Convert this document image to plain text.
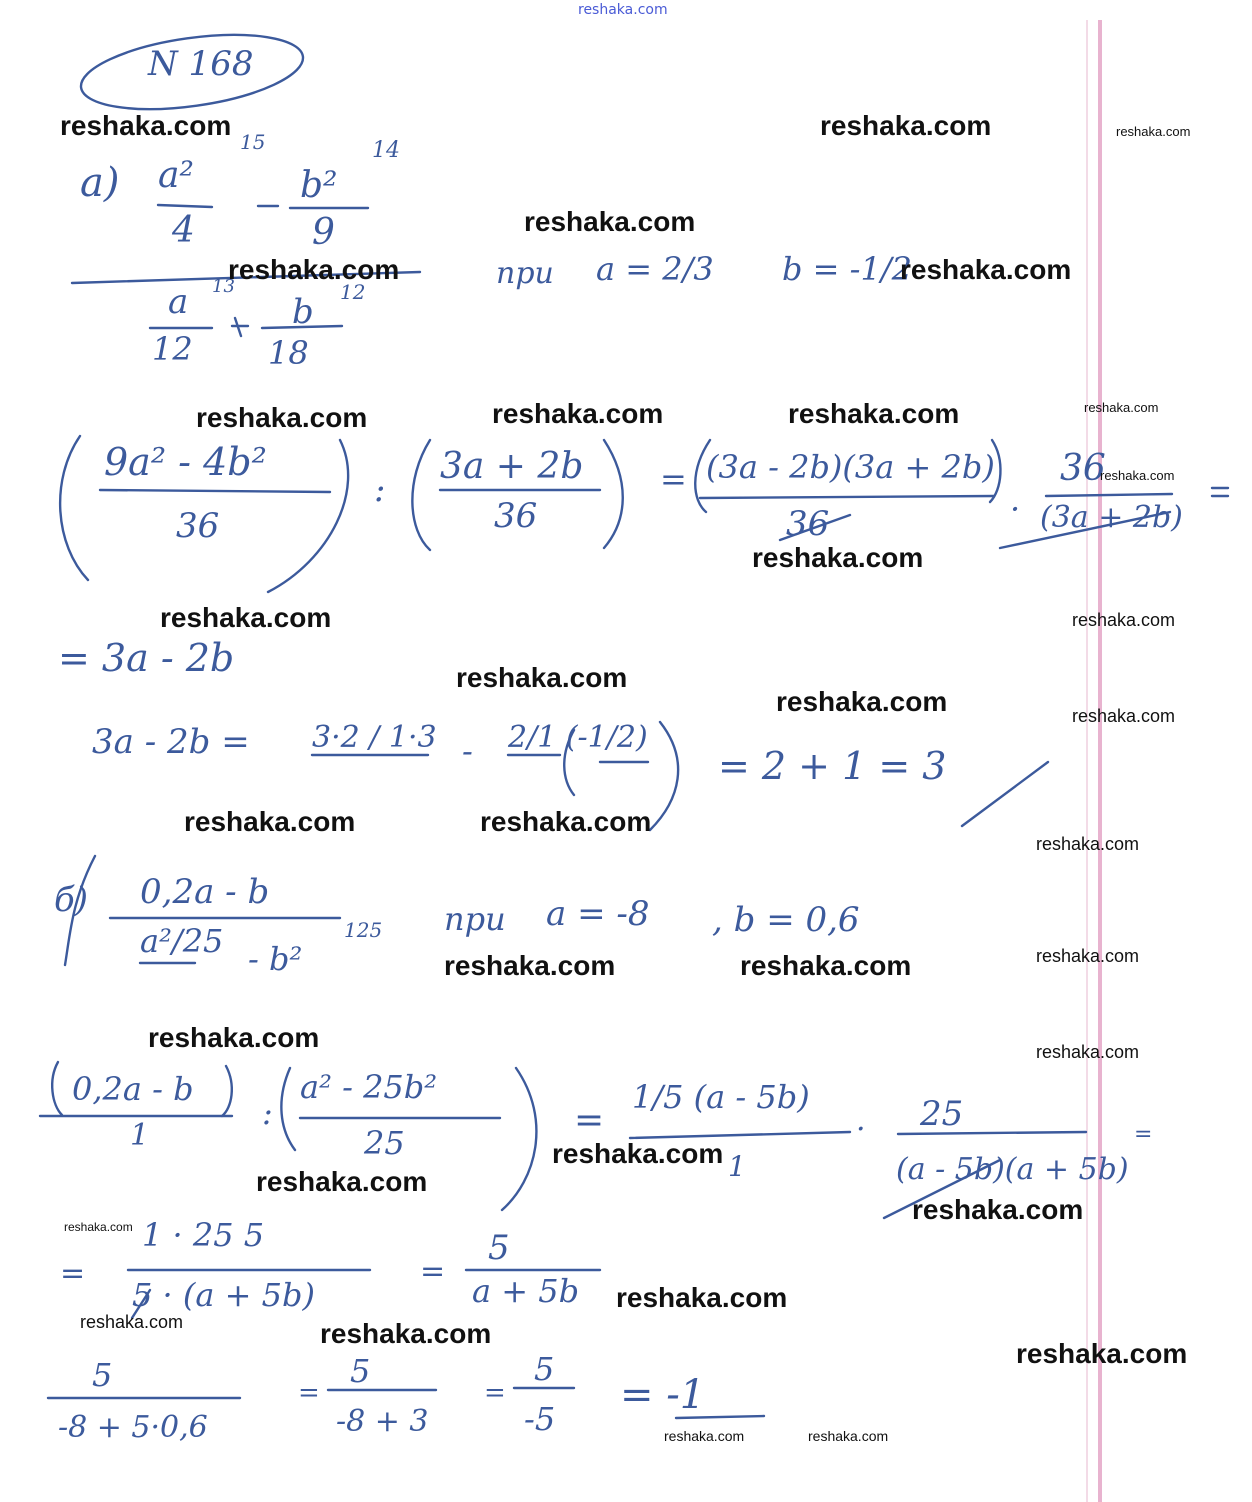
reshaka.com
N 168
a) a²
15
4
b²
14
9
a 13
12
b 12
18
при a = 2/3 b = -1/2
9a² - 4b²
36
:
3a + 2b
36
= (3a - 2b)(3a + 2b)
36	·
36
(3a + 2b)
= 3a - 2b
3a - 2b = 3·2 / 1·3 - 2/1 (-1/2)
= 2 + 1 = 3
б) 0,2a - b
a²/25 - b²
125 при a = -8 , b = 0,6
0,2a - b
1
:
a² - 25b²
25
=
1/5 (a - 5b)
1
· 25
(a - 5b)(a + 5b)
=
=
1 · 25 5
5 · (a + 5b)
=
5
a + 5b
5
-8 + 5·0,6
=
5
-8 + 3
=
5
-5
= -1
reshaka.com	reshaka.com	reshaka.com
reshaka.com
reshaka.com	reshaka.com
reshaka.com	reshaka.com	reshaka.com	reshaka.com
reshaka.com
reshaka.com
reshaka.com	reshaka.com
reshaka.com
reshaka.com	reshaka.com
reshaka.com	reshaka.com
reshaka.com
reshaka.com	reshaka.com	reshaka.com
reshaka.com	reshaka.com
reshaka.com
reshaka.com
reshaka.com
reshaka.com
reshaka.com
reshaka.com	reshaka.com
reshaka.com
reshaka.com	reshaka.com
